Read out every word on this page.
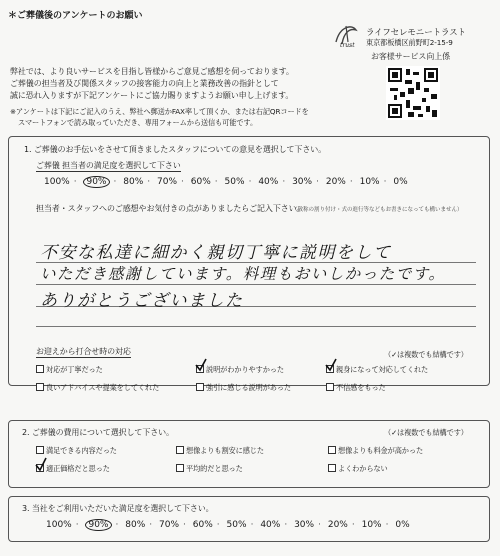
＊ご葬儀後のアンケートのお願い
trust
ライフセレモニートラスト
東京都板橋区前野町2-15-9
お客様サービス向上係
弊社では、より良いサービスを目指し皆様からご意見ご感想を伺っております。
ご葬儀の担当者及び関係スタッフの接客能力の向上と業務改善の指針として
誠に恐れ入りますが下記アンケートにご協力賜りますようお願い申し上げます。
※アンケートは下記にご記入のうえ、弊社へ郵送かFAX率して頂くか、または右記QRコードを
スマートフォンで読み取っていただき、専用フォームから送信も可能です。
1. ご葬儀のお手伝いをさせて頂きましたスタッフについての意見を選択して下さい。
ご葬儀 担当者の満足度を選択して下さい
100% · 90% · 80% · 70% · 60% · 50% · 40% · 30% · 20% · 10% · 0%
担当者・スタッフへのご感想やお気付きの点がありましたらご記入下さい。
（敬称の割り付け・式の進行等などもお書きになっても構いません）
不安な私達に細かく親切丁寧に説明をして
いただき感謝しています。料理もおいしかったです。
ありがとうございました
お迎えから打合せ時の対応	（✓は複数でも結構です）
対応が丁寧だった	説明がわかりやすかった	親身になって対応してくれた
良いアドバイスや提案をしてくれた	強引に感じる説明があった	不信感をもった
2. ご葬儀の費用について選択して下さい。	（✓は複数でも結構です）
満足できる内容だった	想像よりも割安に感じた	想像よりも料金が高かった
適正価格だと思った	平均的だと思った	よくわからない
3. 当社をご利用いただいた満足度を選択して下さい。
100% · 90% · 80% · 70% · 60% · 50% · 40% · 30% · 20% · 10% · 0%
